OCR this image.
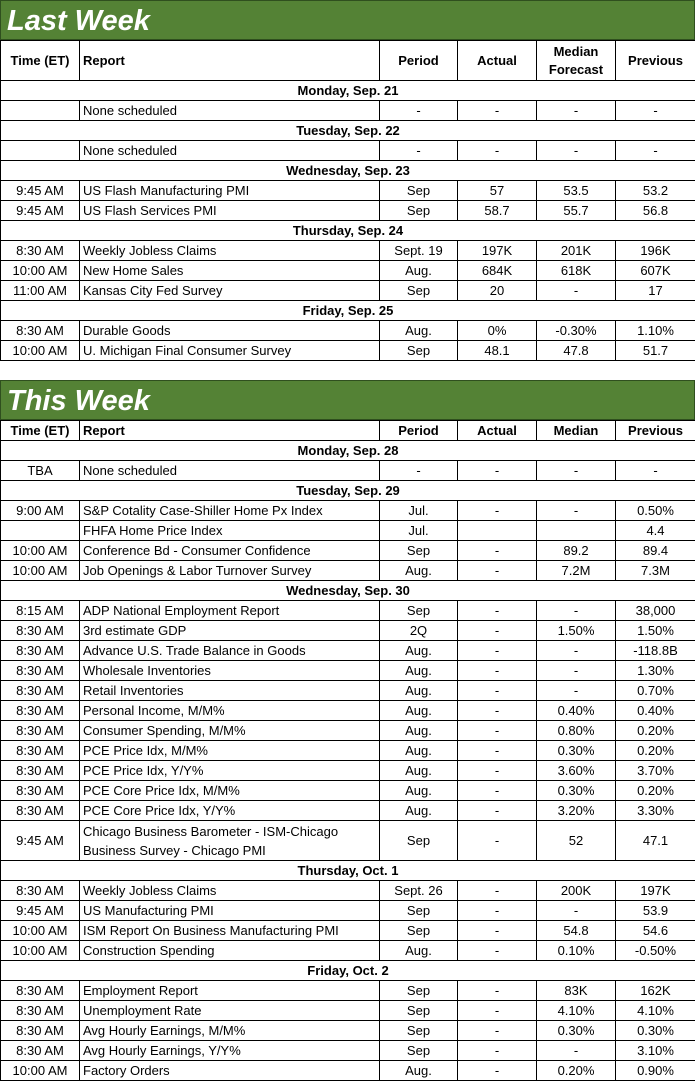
Last Week
Time (ET)	Report	Period	Actual	Median Forecast	Previous
Monday, Sep. 21					
	None scheduled	-	-	-	-
Tuesday, Sep. 22					
	None scheduled	-	-	-	-
Wednesday, Sep. 23					
9:45 AM	US Flash Manufacturing PMI	Sep	57	53.5	53.2
9:45 AM	US Flash Services PMI	Sep	58.7	55.7	56.8
Thursday, Sep. 24					
8:30 AM	Weekly Jobless Claims	Sept. 19	197K	201K	196K
10:00 AM	New Home Sales	Aug.	684K	618K	607K
11:00 AM	Kansas City Fed Survey	Sep	20	-	17
Friday, Sep. 25					
8:30 AM	Durable Goods	Aug.	0%	-0.30%	1.10%
10:00 AM	U. Michigan Final Consumer Survey	Sep	48.1	47.8	51.7
This Week
Time (ET)	Report	Period	Actual	Median	Previous
Monday, Sep. 28					
TBA	None scheduled	-	-	-	-
Tuesday, Sep. 29					
9:00 AM	S&P Cotality Case-Shiller Home Px Index	Jul.	-	-	0.50%
	FHFA Home Price Index	Jul.			4.4
10:00 AM	Conference Bd - Consumer Confidence	Sep	-	89.2	89.4
10:00 AM	Job Openings & Labor Turnover Survey	Aug.	-	7.2M	7.3M
Wednesday, Sep. 30					
8:15 AM	ADP National Employment Report	Sep	-	-	38,000
8:30 AM	3rd estimate GDP	2Q	-	1.50%	1.50%
8:30 AM	Advance U.S. Trade Balance in Goods	Aug.	-	-	-118.8B
8:30 AM	Wholesale Inventories	Aug.	-	-	1.30%
8:30 AM	Retail Inventories	Aug.	-	-	0.70%
8:30 AM	Personal Income, M/M%	Aug.	-	0.40%	0.40%
8:30 AM	Consumer Spending, M/M%	Aug.	-	0.80%	0.20%
8:30 AM	PCE Price Idx, M/M%	Aug.	-	0.30%	0.20%
8:30 AM	PCE Price Idx, Y/Y%	Aug.	-	3.60%	3.70%
8:30 AM	PCE Core Price Idx, M/M%	Aug.	-	0.30%	0.20%
8:30 AM	PCE Core Price Idx, Y/Y%	Aug.	-	3.20%	3.30%
9:45 AM	Chicago Business Barometer - ISM-Chicago Business Survey - Chicago PMI	Sep	-	52	47.1
Thursday, Oct. 1					
8:30 AM	Weekly Jobless Claims	Sept. 26	-	200K	197K
9:45 AM	US Manufacturing PMI	Sep	-	-	53.9
10:00 AM	ISM Report On Business Manufacturing PMI	Sep	-	54.8	54.6
10:00 AM	Construction Spending	Aug.	-	0.10%	-0.50%
Friday, Oct. 2					
8:30 AM	Employment Report	Sep	-	83K	162K
8:30 AM	Unemployment Rate	Sep	-	4.10%	4.10%
8:30 AM	Avg Hourly Earnings, M/M%	Sep	-	0.30%	0.30%
8:30 AM	Avg Hourly Earnings, Y/Y%	Sep	-	-	3.10%
10:00 AM	Factory Orders	Aug.	-	0.20%	0.90%
